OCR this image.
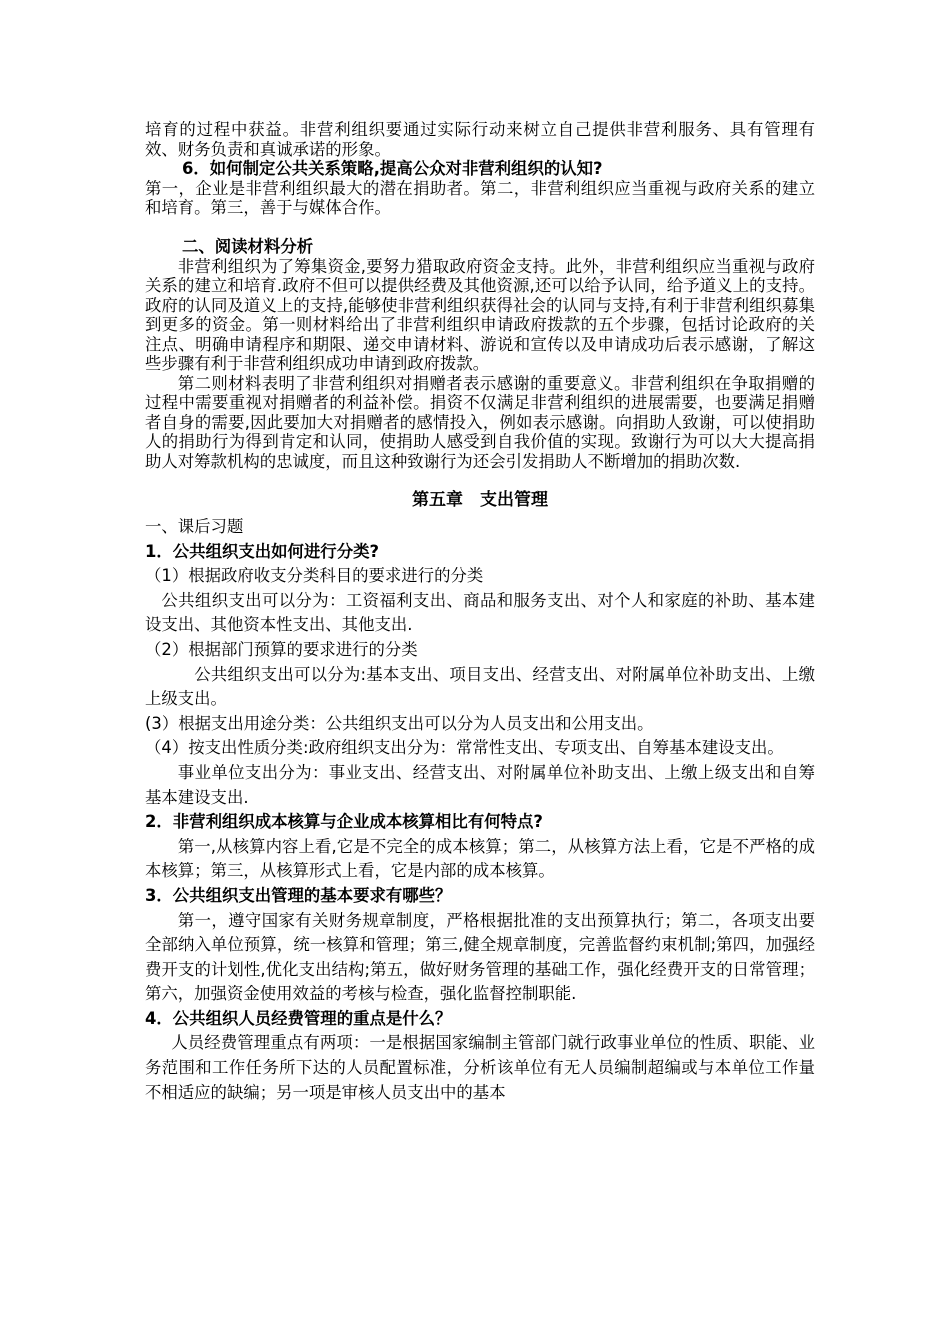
培育的过程中获益。非营利组织要通过实际行动来树立自己提供非营利服务、具有管理有效、财务负责和真诚承诺的形象。

6．如何制定公共关系策略,提高公众对非营利组织的认知?

第一，企业是非营利组织最大的潜在捐助者。第二，非营利组织应当重视与政府关系的建立和培育。第三，善于与媒体合作。

二、阅读材料分析

非营利组织为了筹集资金,要努力猎取政府资金支持。此外，非营利组织应当重视与政府关系的建立和培育.政府不但可以提供经费及其他资源,还可以给予认同，给予道义上的支持。政府的认同及道义上的支持,能够使非营利组织获得社会的认同与支持,有利于非营利组织募集到更多的资金。第一则材料给出了非营利组织申请政府拨款的五个步骤，包括讨论政府的关注点、明确申请程序和期限、递交申请材料、游说和宣传以及申请成功后表示感谢，了解这些步骤有利于非营利组织成功申请到政府拨款。

第二则材料表明了非营利组织对捐赠者表示感谢的重要意义。非营利组织在争取捐赠的过程中需要重视对捐赠者的利益补偿。捐资不仅满足非营利组织的进展需要，也要满足捐赠者自身的需要,因此要加大对捐赠者的感情投入，例如表示感谢。向捐助人致谢，可以使捐助人的捐助行为得到肯定和认同，使捐助人感受到自我价值的实现。致谢行为可以大大提高捐助人对筹款机构的忠诚度，而且这种致谢行为还会引发捐助人不断增加的捐助次数.

第五章　支出管理
一、课后习题
1．公共组织支出如何进行分类?
（1）根据政府收支分类科目的要求进行的分类

公共组织支出可以分为：工资福利支出、商品和服务支出、对个人和家庭的补助、基本建设支出、其他资本性支出、其他支出.

（2）根据部门预算的要求进行的分类

公共组织支出可以分为:基本支出、项目支出、经营支出、对附属单位补助支出、上缴上级支出。

(3）根据支出用途分类：公共组织支出可以分为人员支出和公用支出。

（4）按支出性质分类:政府组织支出分为：常常性支出、专项支出、自筹基本建设支出。

事业单位支出分为：事业支出、经营支出、对附属单位补助支出、上缴上级支出和自筹基本建设支出.

2．非营利组织成本核算与企业成本核算相比有何特点?

第一,从核算内容上看,它是不完全的成本核算；第二，从核算方法上看，它是不严格的成本核算；第三，从核算形式上看，它是内部的成本核算。

3．公共组织支出管理的基本要求有哪些？

第一，遵守国家有关财务规章制度，严格根据批准的支出预算执行；第二，各项支出要全部纳入单位预算，统一核算和管理；第三,健全规章制度，完善监督约束机制;第四，加强经费开支的计划性,优化支出结构;第五，做好财务管理的基础工作，强化经费开支的日常管理；第六，加强资金使用效益的考核与检查，强化监督控制职能.

4．公共组织人员经费管理的重点是什么？

人员经费管理重点有两项：一是根据国家编制主管部门就行政事业单位的性质、职能、业务范围和工作任务所下达的人员配置标准，分析该单位有无人员编制超编或与本单位工作量不相适应的缺编；另一项是审核人员支出中的基本
